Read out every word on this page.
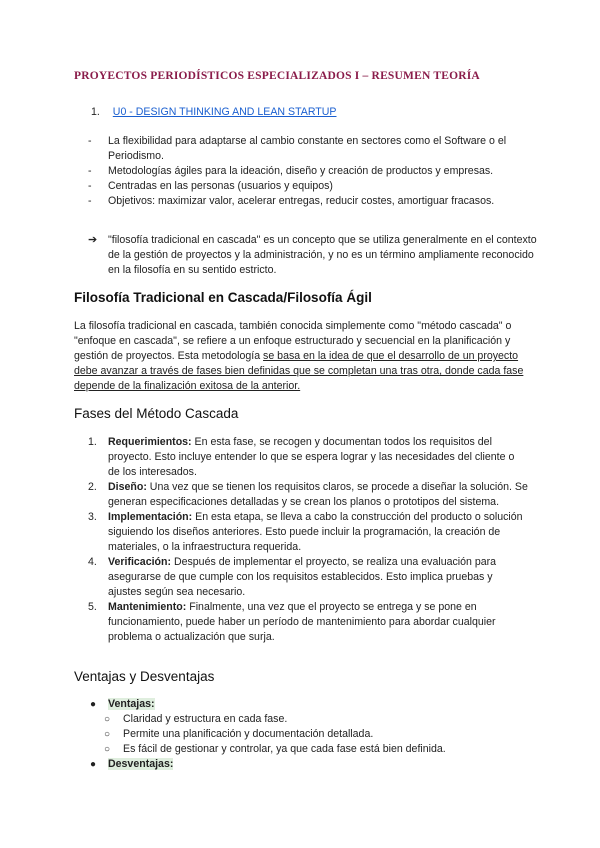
PROYECTOS PERIODÍSTICOS ESPECIALIZADOS I – RESUMEN TEORÍA
1. U0 - DESIGN THINKING AND LEAN STARTUP
- La flexibilidad para adaptarse al cambio constante en sectores como el Software o el Periodismo.
- Metodologías ágiles para la ideación, diseño y creación de productos y empresas.
- Centradas en las personas (usuarios y equipos)
- Objetivos: maximizar valor, acelerar entregas, reducir costes, amortiguar fracasos.
➔ "filosofía tradicional en cascada" es un concepto que se utiliza generalmente en el contexto de la gestión de proyectos y la administración, y no es un término ampliamente reconocido en la filosofía en su sentido estricto.
Filosofía Tradicional en Cascada/Filosofía Ágil
La filosofía tradicional en cascada, también conocida simplemente como "método cascada" o "enfoque en cascada", se refiere a un enfoque estructurado y secuencial en la planificación y gestión de proyectos. Esta metodología se basa en la idea de que el desarrollo de un proyecto debe avanzar a través de fases bien definidas que se completan una tras otra, donde cada fase depende de la finalización exitosa de la anterior.
Fases del Método Cascada
1. Requerimientos: En esta fase, se recogen y documentan todos los requisitos del proyecto. Esto incluye entender lo que se espera lograr y las necesidades del cliente o de los interesados.
2. Diseño: Una vez que se tienen los requisitos claros, se procede a diseñar la solución. Se generan especificaciones detalladas y se crean los planos o prototipos del sistema.
3. Implementación: En esta etapa, se lleva a cabo la construcción del producto o solución siguiendo los diseños anteriores. Esto puede incluir la programación, la creación de materiales, o la infraestructura requerida.
4. Verificación: Después de implementar el proyecto, se realiza una evaluación para asegurarse de que cumple con los requisitos establecidos. Esto implica pruebas y ajustes según sea necesario.
5. Mantenimiento: Finalmente, una vez que el proyecto se entrega y se pone en funcionamiento, puede haber un período de mantenimiento para abordar cualquier problema o actualización que surja.
Ventajas y Desventajas
● Ventajas:
○ Claridad y estructura en cada fase.
○ Permite una planificación y documentación detallada.
○ Es fácil de gestionar y controlar, ya que cada fase está bien definida.
● Desventajas:
